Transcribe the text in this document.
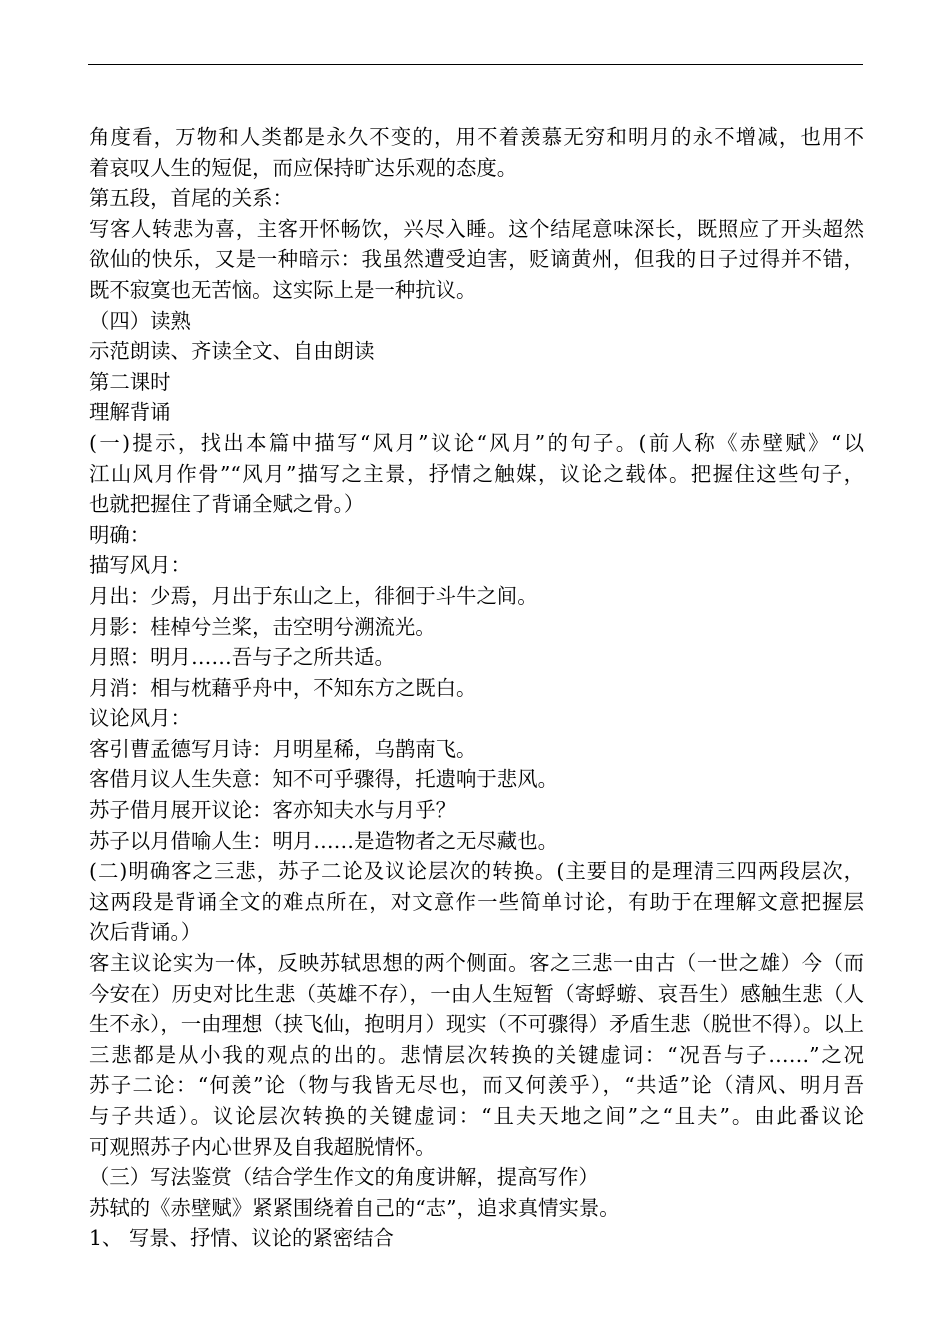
角度看，万物和人类都是永久不变的，用不着羡慕无穷和明月的永不增减，也用不
着哀叹人生的短促，而应保持旷达乐观的态度。
第五段，首尾的关系：
写客人转悲为喜，主客开怀畅饮，兴尽入睡。这个结尾意味深长，既照应了开头超然
欲仙的快乐，又是一种暗示：我虽然遭受迫害，贬谪黄州，但我的日子过得并不错，
既不寂寞也无苦恼。这实际上是一种抗议。
（四）读熟
示范朗读、齐读全文、自由朗读
第二课时
理解背诵
(一)提示，找出本篇中描写“风月”议论“风月”的句子。(前人称《赤壁赋》“以
江山风月作骨”“风月”描写之主景，抒情之触媒，议论之载体。把握住这些句子，
也就把握住了背诵全赋之骨。）
明确：
描写风月：
月出：少焉，月出于东山之上，徘徊于斗牛之间。
月影：桂棹兮兰桨，击空明兮溯流光。
月照：明月……吾与子之所共适。
月消：相与枕藉乎舟中，不知东方之既白。
议论风月：
客引曹孟德写月诗：月明星稀，乌鹊南飞。
客借月议人生失意：知不可乎骤得，托遗响于悲风。
苏子借月展开议论：客亦知夫水与月乎？
苏子以月借喻人生：明月……是造物者之无尽藏也。
(二)明确客之三悲，苏子二论及议论层次的转换。(主要目的是理清三四两段层次，
这两段是背诵全文的难点所在，对文意作一些简单讨论，有助于在理解文意把握层
次后背诵。）
客主议论实为一体，反映苏轼思想的两个侧面。客之三悲一由古（一世之雄）今（而
今安在）历史对比生悲（英雄不存），一由人生短暂（寄蜉蝣、哀吾生）感触生悲（人
生不永），一由理想（挟飞仙，抱明月）现实（不可骤得）矛盾生悲（脱世不得）。以上
三悲都是从小我的观点的出的。悲情层次转换的关键虚词：“况吾与子……”之况
苏子二论：“何羡”论（物与我皆无尽也，而又何羡乎），“共适”论（清风、明月吾
与子共适）。议论层次转换的关键虚词：“且夫天地之间”之“且夫”。由此番议论
可观照苏子内心世界及自我超脱情怀。
（三）写法鉴赏（结合学生作文的角度讲解，提高写作）
苏轼的《赤壁赋》紧紧围绕着自己的“志”，追求真情实景。
1、 写景、抒情、议论的紧密结合
